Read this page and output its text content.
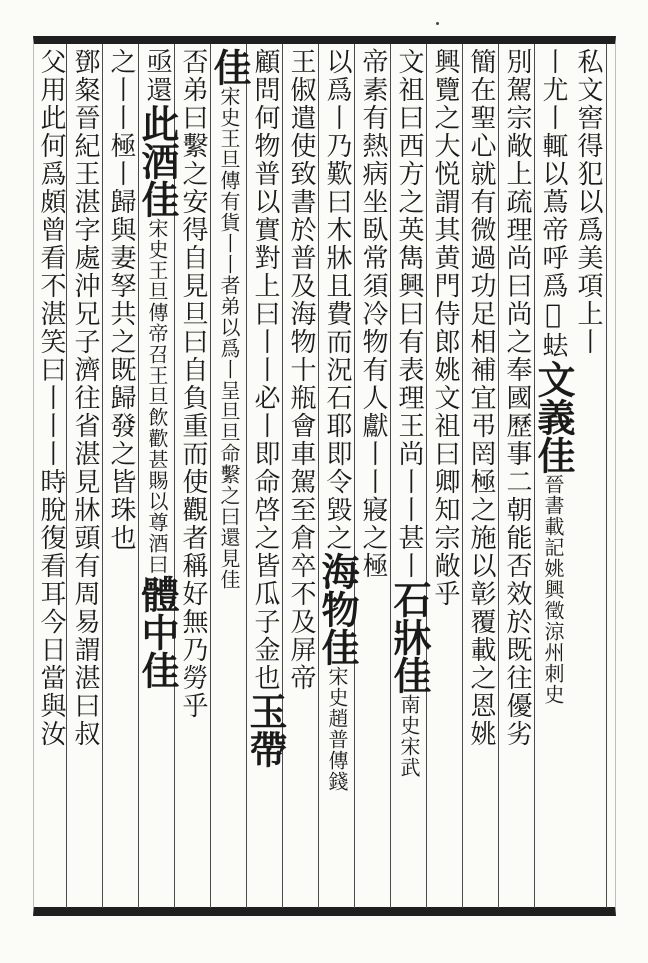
私文窖得犯以爲美項上丨
丨尤丨輒以蔦帝呼爲𣛦𧉧文義佳晉書載記姚興徵涼州刺史
別駕宗敞上疏理尚曰尚之奉國歷事二朝能否效於既往優劣
簡在聖心就有微過功足相補宜弔罔極之施以彰覆載之恩姚
興覽之大悦謂其黄門侍郎姚文祖曰卿知宗敞乎
文祖曰西方之英雋興曰有表理王尚丨丨甚丨石牀佳南史宋武
帝素有熱病坐臥常須冷物有人獻丨丨寢之極
以爲丨乃歎曰木牀且費而況石耶即令毀之海物佳宋史趙普傳錢
王俶遣使致書於普及海物十瓶會車駕至倉卒不及屏帝
顧問何物普以實對上曰丨丨必丨即命啓之皆瓜子金也玉帶
佳宋史王旦傳有貨丨丨者弟以爲丨呈旦旦命繫之曰還見佳
否弟曰繫之安得自見旦曰自負重而使觀者稱好無乃勞乎
亟還此酒佳宋史王旦傳帝召王旦飲歡甚賜以尊酒曰體中佳
之丨丨極丨歸與妻孥共之既歸發之皆珠也
鄧粲晉紀王湛字處沖兄子濟往省湛見牀頭有周易謂湛曰叔
父用此何爲頗曾看不湛笑曰丨丨丨時脫復看耳今日當與汝
